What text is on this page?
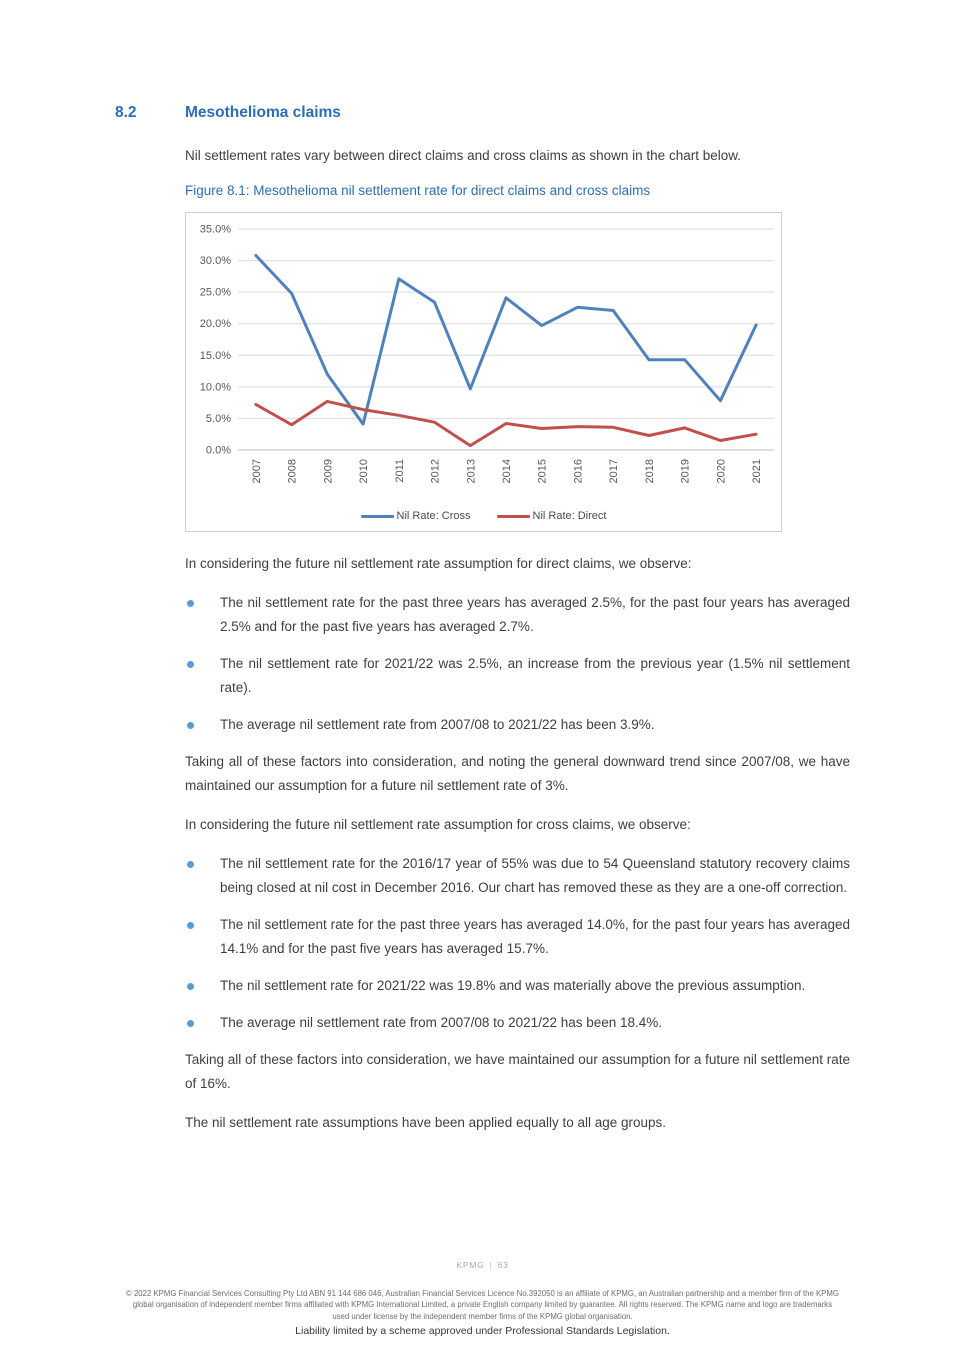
8.2	Mesothelioma claims

Nil settlement rates vary between direct claims and cross claims as shown in the chart below.

Figure 8.1: Mesothelioma nil settlement rate for direct claims and cross claims

0.0%
5.0%
10.0%
15.0%
20.0%
25.0%
30.0%
35.0%
2007 2008 2009 2010 2011 2012 2013 2014 2015 2016 2017 2018 2019 2020 2021
Nil Rate: Cross	Nil Rate: Direct

In considering the future nil settlement rate assumption for direct claims, we observe:

The nil settlement rate for the past three years has averaged 2.5%, for the past four years has averaged 2.5% and for the past five years has averaged 2.7%.
The nil settlement rate for 2021/22 was 2.5%, an increase from the previous year (1.5% nil settlement rate).
The average nil settlement rate from 2007/08 to 2021/22 has been 3.9%.

Taking all of these factors into consideration, and noting the general downward trend since 2007/08, we have maintained our assumption for a future nil settlement rate of 3%.

In considering the future nil settlement rate assumption for cross claims, we observe:

The nil settlement rate for the 2016/17 year of 55% was due to 54 Queensland statutory recovery claims being closed at nil cost in December 2016. Our chart has removed these as they are a one-off correction.
The nil settlement rate for the past three years has averaged 14.0%, for the past four years has averaged 14.1% and for the past five years has averaged 15.7%.
The nil settlement rate for 2021/22 was 19.8% and was materially above the previous assumption.
The average nil settlement rate from 2007/08 to 2021/22 has been 18.4%.

Taking all of these factors into consideration, we have maintained our assumption for a future nil settlement rate of 16%.

The nil settlement rate assumptions have been applied equally to all age groups.

KPMG | 63

© 2022 KPMG Financial Services Consulting Pty Ltd ABN 91 144 686 046, Australian Financial Services Licence No.392050 is an affiliate of KPMG, an Australian partnership and a member firm of the KPMG global organisation of independent member firms affiliated with KPMG International Limited, a private English company limited by guarantee. All rights reserved. The KPMG name and logo are trademarks used under license by the independent member firms of the KPMG global organisation.

Liability limited by a scheme approved under Professional Standards Legislation.
